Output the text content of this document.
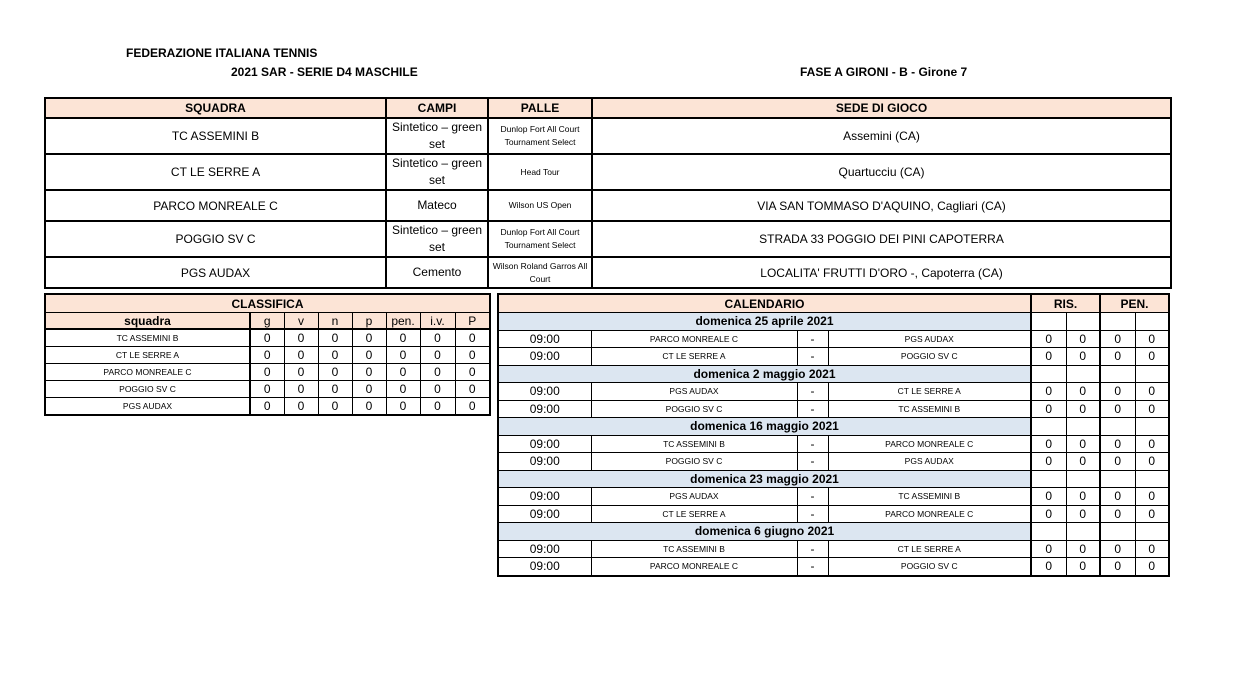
FEDERAZIONE ITALIANA TENNIS
2021 SAR - SERIE D4 MASCHILE	FASE A GIRONI - B - Girone 7
SQUADRA	CAMPI	PALLE	SEDE DI GIOCO
TC ASSEMINI B	Sintetico – green set	Dunlop Fort All Court Tournament Select	Assemini (CA)
CT LE SERRE A	Sintetico – green set	Head Tour	Quartucciu (CA)
PARCO MONREALE C	Mateco	Wilson US Open	VIA SAN TOMMASO D'AQUINO, Cagliari (CA)
POGGIO SV C	Sintetico – green set	Dunlop Fort All Court Tournament Select	STRADA 33 POGGIO DEI PINI CAPOTERRA
PGS AUDAX	Cemento	Wilson Roland Garros All Court	LOCALITA' FRUTTI D'ORO -, Capoterra (CA)
CLASSIFICA							
squadra	g	v	n	p	pen.	i.v.	P
TC ASSEMINI B	0	0	0	0	0	0	0
CT LE SERRE A	0	0	0	0	0	0	0
PARCO MONREALE C	0	0	0	0	0	0	0
POGGIO SV C	0	0	0	0	0	0	0
PGS AUDAX	0	0	0	0	0	0	0
CALENDARIO				RIS.		PEN.	
domenica 25 aprile 2021							
09:00	PARCO MONREALE C	-	PGS AUDAX	0	0	0	0
09:00	CT LE SERRE A	-	POGGIO SV C	0	0	0	0
domenica 2 maggio 2021							
09:00	PGS AUDAX	-	CT LE SERRE A	0	0	0	0
09:00	POGGIO SV C	-	TC ASSEMINI B	0	0	0	0
domenica 16 maggio 2021							
09:00	TC ASSEMINI B	-	PARCO MONREALE C	0	0	0	0
09:00	POGGIO SV C	-	PGS AUDAX	0	0	0	0
domenica 23 maggio 2021							
09:00	PGS AUDAX	-	TC ASSEMINI B	0	0	0	0
09:00	CT LE SERRE A	-	PARCO MONREALE C	0	0	0	0
domenica 6 giugno 2021							
09:00	TC ASSEMINI B	-	CT LE SERRE A	0	0	0	0
09:00	PARCO MONREALE C	-	POGGIO SV C	0	0	0	0
